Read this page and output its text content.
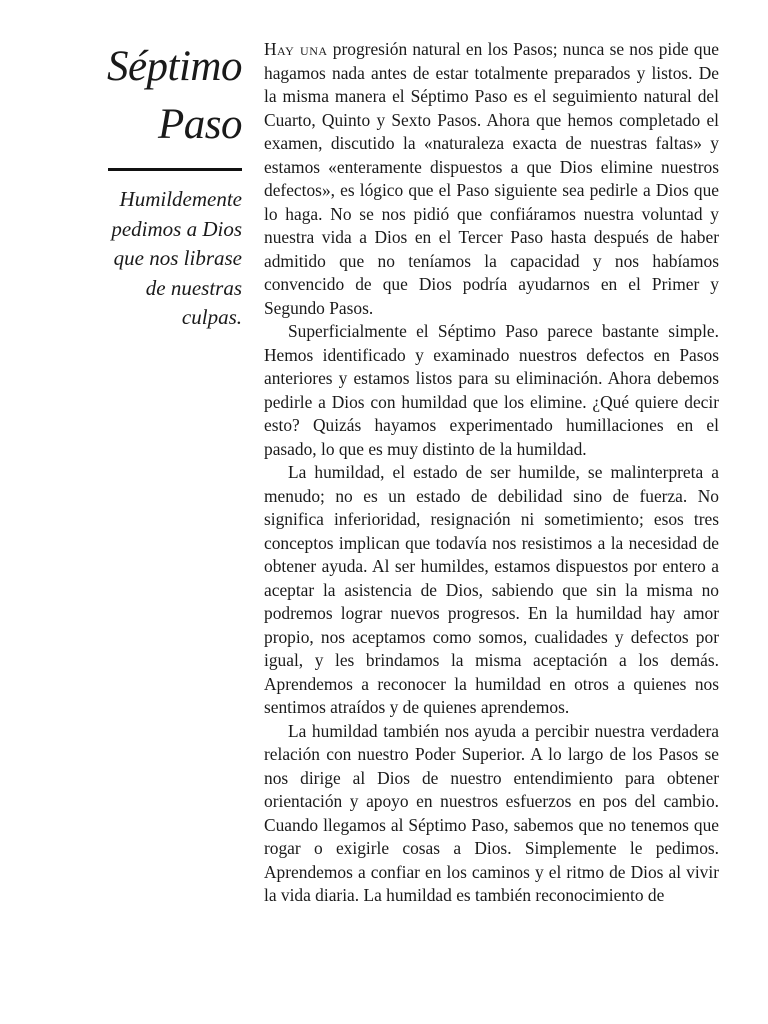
Séptimo
Paso

Humildemente
pedimos a Dios
que nos librase
de nuestras
culpas.

Hay una progresión natural en los Pasos; nunca se nos pide que hagamos nada antes de estar totalmente preparados y listos. De la misma manera el Séptimo Paso es el seguimiento natural del Cuarto, Quinto y Sexto Pasos. Ahora que hemos completado el examen, discutido la «naturaleza exacta de nuestras faltas» y estamos «enteramente dispuestos a que Dios elimine nuestros defectos», es lógico que el Paso siguiente sea pedirle a Dios que lo haga. No se nos pidió que confiáramos nuestra voluntad y nuestra vida a Dios en el Tercer Paso hasta después de haber admitido que no teníamos la capacidad y nos habíamos convencido de que Dios podría ayudarnos en el Primer y Segundo Pasos.

Superficialmente el Séptimo Paso parece bastante simple. Hemos identificado y examinado nuestros defectos en Pasos anteriores y estamos listos para su eliminación. Ahora debemos pedirle a Dios con humildad que los elimine. ¿Qué quiere decir esto? Quizás hayamos experimentado humillaciones en el pasado, lo que es muy distinto de la humildad.

La humildad, el estado de ser humilde, se malinterpreta a menudo; no es un estado de debilidad sino de fuerza. No significa inferioridad, resignación ni sometimiento; esos tres conceptos implican que todavía nos resistimos a la necesidad de obtener ayuda. Al ser humildes, estamos dispuestos por entero a aceptar la asistencia de Dios, sabiendo que sin la misma no podremos lograr nuevos progresos. En la humildad hay amor propio, nos aceptamos como somos, cualidades y defectos por igual, y les brindamos la misma aceptación a los demás. Aprendemos a reconocer la humildad en otros a quienes nos sentimos atraídos y de quienes aprendemos.

La humildad también nos ayuda a percibir nuestra verdadera relación con nuestro Poder Superior. A lo largo de los Pasos se nos dirige al Dios de nuestro entendimiento para obtener orientación y apoyo en nuestros esfuerzos en pos del cambio. Cuando llegamos al Séptimo Paso, sabemos que no tenemos que rogar o exigirle cosas a Dios. Simplemente le pedimos. Aprendemos a confiar en los caminos y el ritmo de Dios al vivir la vida diaria. La humildad es también reconocimiento de
